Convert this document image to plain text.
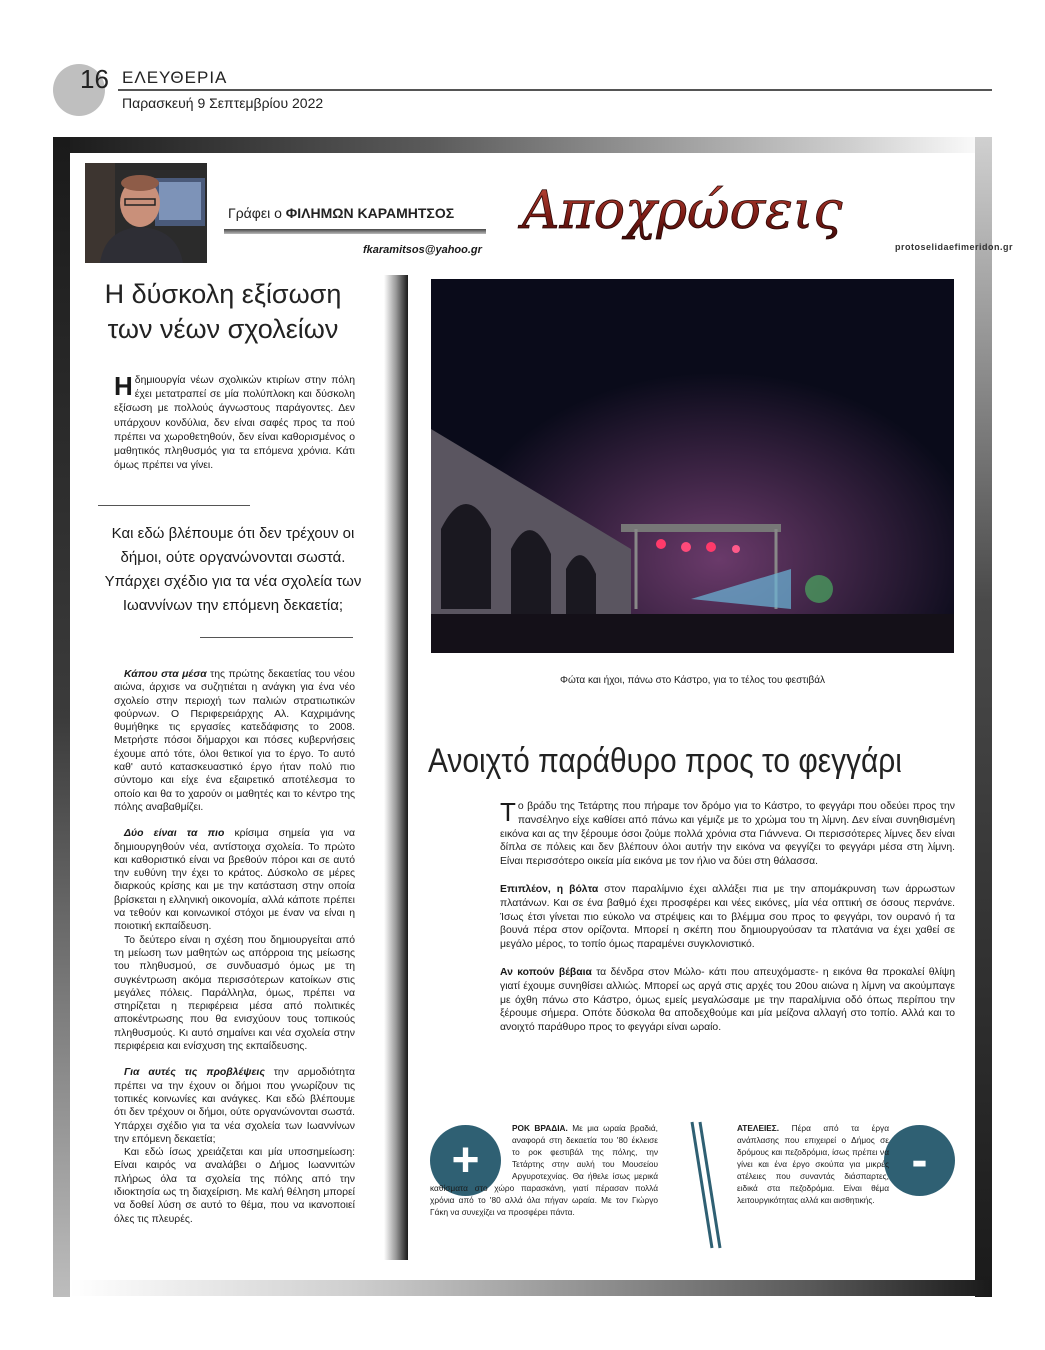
16 ΕΛΕΥΘΕΡΙΑ
Παρασκευή 9 Σεπτεμβρίου 2022
Γράφει ο ΦΙΛΗΜΩΝ ΚΑΡΑΜΗΤΣΟΣ
fkaramitsos@yahoo.gr
Αποχρώσεις
protoselidaefimeridon.gr
Η δύσκολη εξίσωση
των νέων σχολείων
Ηδημιουργία νέων σχολικών κτιρίων στην πόλη έχει μετατραπεί σε μία πολύπλοκη και δύσκολη εξίσωση με πολλούς άγνωστους παράγοντες. Δεν υπάρχουν κονδύλια, δεν είναι σαφές προς τα πού πρέπει να χωροθετηθούν, δεν είναι καθορισμένος ο μαθητικός πληθυσμός για τα επόμενα χρόνια. Κάτι όμως πρέπει να γίνει.
Και εδώ βλέπουμε ότι δεν τρέχουν οι δήμοι, ούτε οργανώνονται σωστά. Υπάρχει σχέδιο για τα νέα σχολεία των Ιωαννίνων την επόμενη δεκαετία;

Κάπου στα μέσα της πρώτης δεκαετίας του νέου αιώνα, άρχισε να συζητιέται η ανάγκη για ένα νέο σχολείο στην περιοχή των παλιών στρατιωτικών φούρνων. Ο Περιφερειάρχης Αλ. Καχριμάνης θυμήθηκε τις εργασίες κατεδάφισης το 2008. Μετρήστε πόσοι δήμαρχοι και πόσες κυβερνήσεις έχουμε από τότε, όλοι θετικοί για το έργο. Το αυτό καθ' αυτό κατασκευαστικό έργο ήταν πολύ πιο σύντομο και είχε ένα εξαιρετικό αποτέλεσμα το οποίο και θα το χαρούν οι μαθητές και το κέντρο της πόλης αναβαθμίζει.

Δύο είναι τα πιο κρίσιμα σημεία για να δημιουργηθούν νέα, αντίστοιχα σχολεία. Το πρώτο και καθοριστικό είναι να βρεθούν πόροι και σε αυτό την ευθύνη την έχει το κράτος. Δύσκολο σε μέρες διαρκούς κρίσης και με την κατάσταση στην οποία βρίσκεται η ελληνική οικονομία, αλλά κάποτε πρέπει να τεθούν και κοινωνικοί στόχοι με έναν να είναι η ποιοτική εκπαίδευση.

Το δεύτερο είναι η σχέση που δημιουργείται από τη μείωση των μαθητών ως απόρροια της μείωσης του πληθυσμού, σε συνδυασμό όμως με τη συγκέντρωση ακόμα περισσότερων κατοίκων στις μεγάλες πόλεις. Παράλληλα, όμως, πρέπει να στηρίζεται η περιφέρεια μέσα από πολιτικές αποκέντρωσης που θα ενισχύουν τους τοπικούς πληθυσμούς. Κι αυτό σημαίνει και νέα σχολεία στην περιφέρεια και ενίσχυση της εκπαίδευσης.

Για αυτές τις προβλέψεις την αρμοδιότητα πρέπει να την έχουν οι δήμοι που γνωρίζουν τις τοπικές κοινωνίες και ανάγκες. Και εδώ βλέπουμε ότι δεν τρέχουν οι δήμοι, ούτε οργανώνονται σωστά. Υπάρχει σχέδιο για τα νέα σχολεία των Ιωαννίνων την επόμενη δεκαετία;

Και εδώ ίσως χρειάζεται και μία υποσημείωση: Είναι καιρός να αναλάβει ο Δήμος Ιωαννιτών πλήρως όλα τα σχολεία της πόλης από την ιδιοκτησία ως τη διαχείριση. Με καλή θέληση μπορεί να δοθεί λύση σε αυτό το θέμα, που να ικανοποιεί όλες τις πλευρές.

Φώτα και ήχοι, πάνω στο Κάστρο, για το τέλος του φεστιβάλ
Ανοιχτό παράθυρο προς το φεγγάρι

Το βράδυ της Τετάρτης που πήραμε τον δρόμο για το Κάστρο, το φεγγάρι που οδεύει προς την πανσέληνο είχε καθίσει από πάνω και γέμιζε με το χρώμα του τη λίμνη. Δεν είναι συνηθισμένη εικόνα και ας την ξέρουμε όσοι ζούμε πολλά χρόνια στα Γιάννενα. Οι περισσότερες λίμνες δεν είναι δίπλα σε πόλεις και δεν βλέπουν όλοι αυτήν την εικόνα να φεγγίζει το φεγγάρι μέσα στη λίμνη. Είναι περισσότερο οικεία μία εικόνα με τον ήλιο να δύει στη θάλασσα.

Επιπλέον, η βόλτα στον παραλίμνιο έχει αλλάξει πια με την απομάκρυνση των άρρωστων πλατάνων. Και σε ένα βαθμό έχει προσφέρει και νέες εικόνες, μία νέα οπτική σε όσους περνάνε. Ίσως έτσι γίνεται πιο εύκολο να στρέψεις και το βλέμμα σου προς το φεγγάρι, τον ουρανό ή τα βουνά πέρα στον ορίζοντα. Μπορεί η σκέπη που δημιουργούσαν τα πλατάνια να έχει χαθεί σε μεγάλο μέρος, το τοπίο όμως παραμένει συγκλονιστικό.

Αν κοπούν βέβαια τα δένδρα στον Μώλο- κάτι που απευχόμαστε- η εικόνα θα προκαλεί θλίψη γιατί έχουμε συνηθίσει αλλιώς. Μπορεί ως αργά στις αρχές του 20ου αιώνα η λίμνη να ακούμπαγε με όχθη πάνω στο Κάστρο, όμως εμείς μεγαλώσαμε με την παραλίμνια οδό όπως περίπου την ξέρουμε σήμερα. Οπότε δύσκολα θα αποδεχθούμε και μία μείζονα αλλαγή στο τοπίο. Αλλά και το ανοιχτό παράθυρο προς το φεγγάρι είναι ωραίο.

+
ΡΟΚ ΒΡΑΔΙΑ. Με μια ωραία βραδιά, αναφορά στη δεκαετία του '80 έκλεισε το ροκ φεστιβάλ της πόλης, την Τετάρτης στην αυλή του Μουσείου Αργυροτεχνίας. Θα ήθελε ίσως μερικά καθίσματα στο χώρο παρασκάνη, γιατί πέρασαν πολλά χρόνια από το '80 αλλά όλα πήγαν ωραία. Με τον Γιώργο Γάκη να συνεχίζει να προσφέρει πάντα.
-
ΑΤΕΛΕΙΕΣ. Πέρα από τα έργα ανάπλασης που επιχειρεί ο Δήμος σε δρόμους και πεζοδρόμια, ίσως πρέπει να γίνει και ένα έργο σκούπα για μικρές ατέλειες που συναντάς διάσπαρτες, ειδικά στα πεζοδρόμια. Είναι θέμα λειτουργικότητας αλλά και αισθητικής.
